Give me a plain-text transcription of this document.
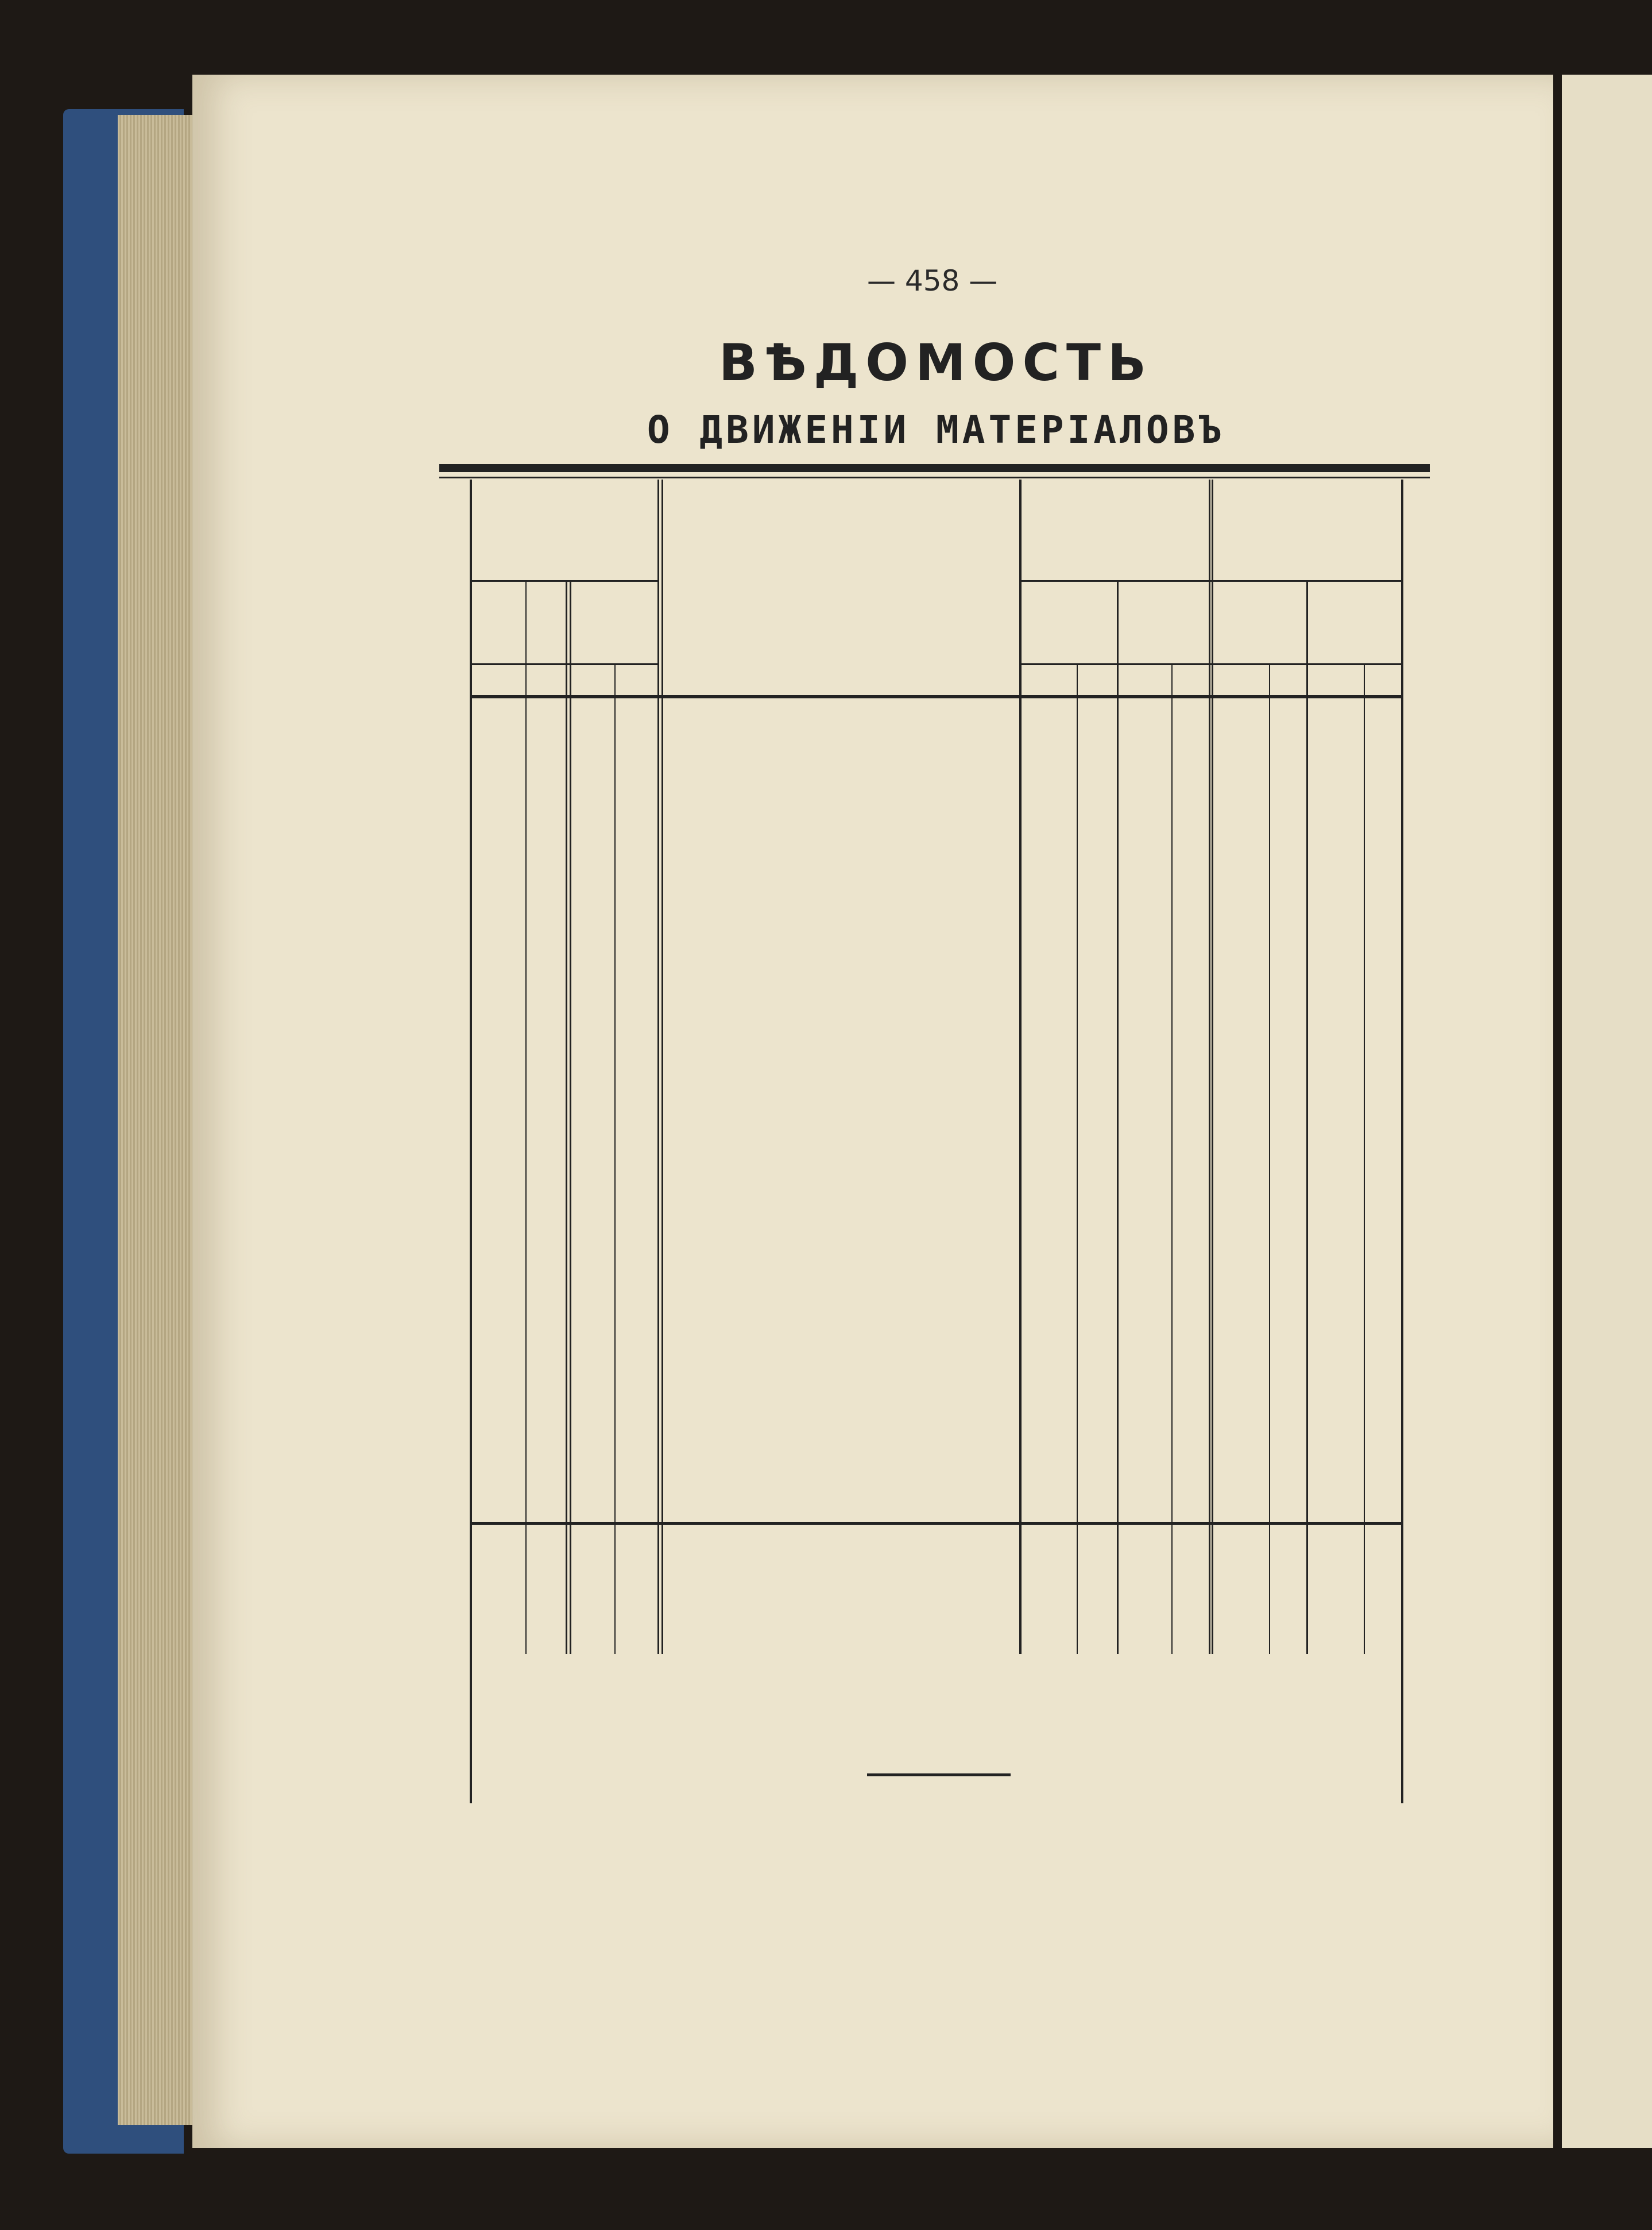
— 458 —
ВѢДОМОСТЬ
О ДВИЖЕНІИ МАТЕРІАЛОВЪ
